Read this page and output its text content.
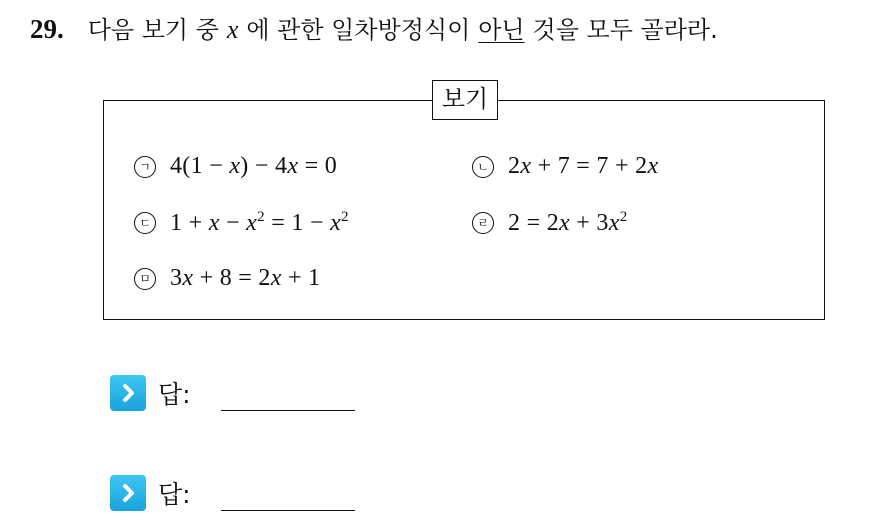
29. 다음 보기 중 x 에 관한 일차방정식이 아닌 것을 모두 골라라.
보기
ㄱ 4(1 − x) − 4x = 0	ㄴ 2x + 7 = 7 + 2x
ㄷ $1 + x - x^2 = 1 - x^2$	ㄹ $2 = 2x + 3x^2$
ㅁ 3x + 8 = 2x + 1
답:
답:
